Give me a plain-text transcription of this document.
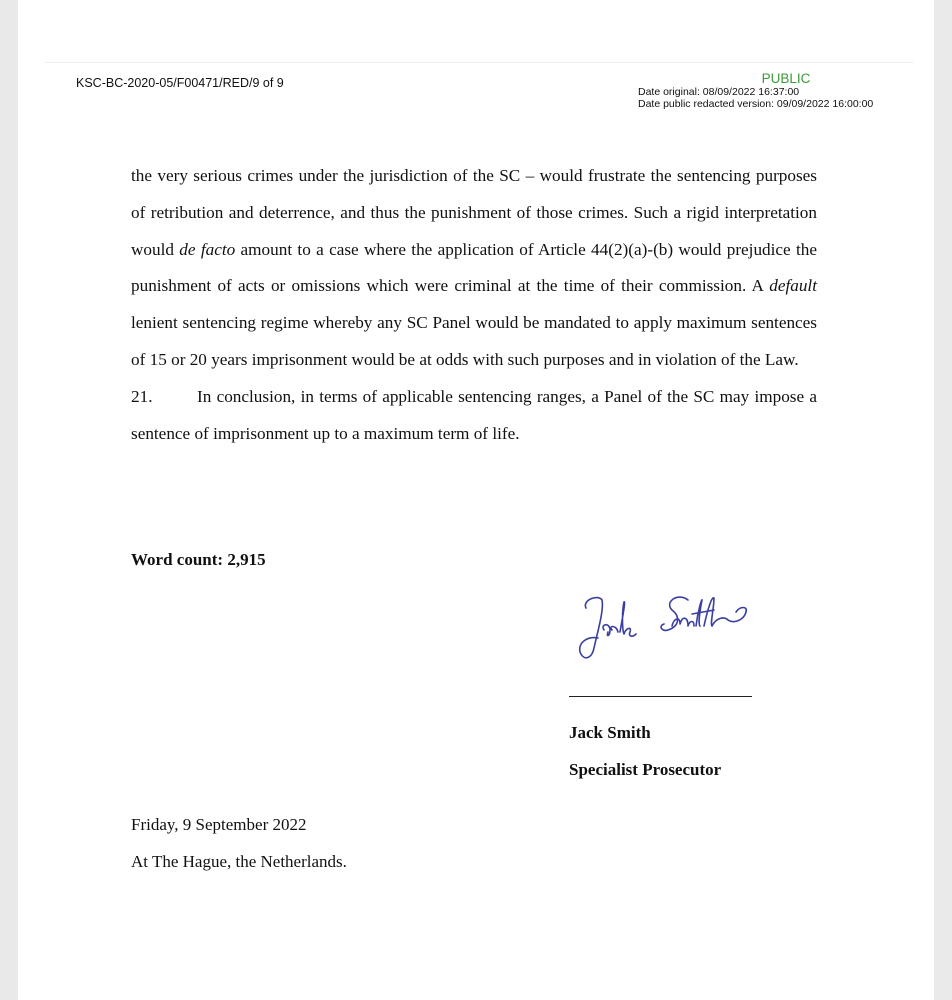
KSC-BC-2020-05/F00471/RED/9 of 9	PUBLIC
Date original: 08/09/2022 16:37:00
Date public redacted version: 09/09/2022 16:00:00

the very serious crimes under the jurisdiction of the SC – would frustrate the sentencing purposes of retribution and deterrence, and thus the punishment of those crimes. Such a rigid interpretation would de facto amount to a case where the application of Article 44(2)(a)-(b) would prejudice the punishment of acts or omissions which were criminal at the time of their commission. A default lenient sentencing regime whereby any SC Panel would be mandated to apply maximum sentences of 15 or 20 years imprisonment would be at odds with such purposes and in violation of the Law.

21.	In conclusion, in terms of applicable sentencing ranges, a Panel of the SC may impose a sentence of imprisonment up to a maximum term of life.

Word count: 2,915
Jack Smith
Specialist Prosecutor
Friday, 9 September 2022
At The Hague, the Netherlands.
